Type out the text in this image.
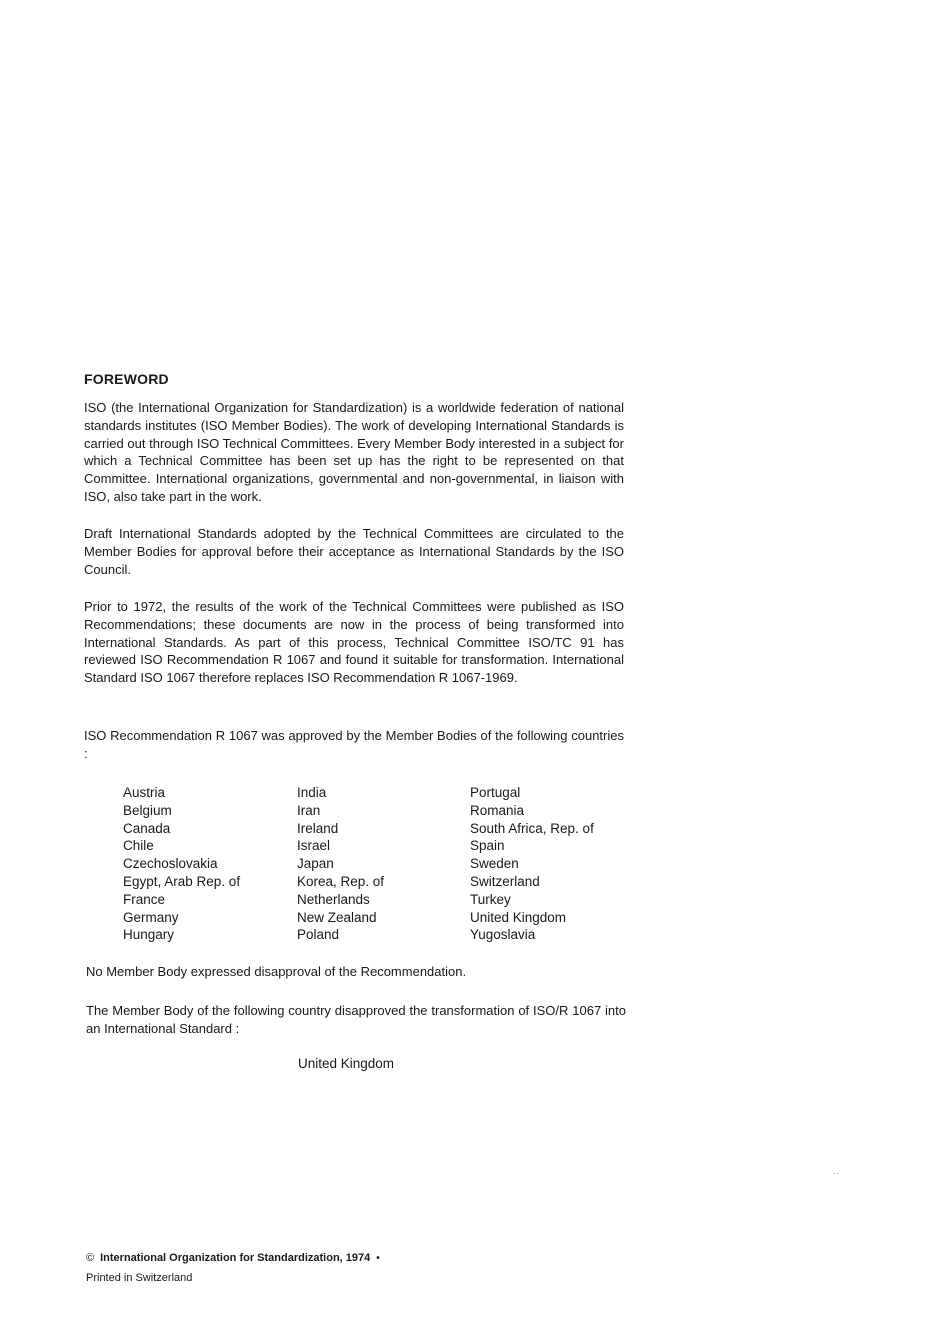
FOREWORD

ISO (the International Organization for Standardization) is a worldwide federation of national standards institutes (ISO Member Bodies). The work of developing International Standards is carried out through ISO Technical Committees. Every Member Body interested in a subject for which a Technical Committee has been set up has the right to be represented on that Committee. International organizations, governmental and non-governmental, in liaison with ISO, also take part in the work.

Draft International Standards adopted by the Technical Committees are circulated to the Member Bodies for approval before their acceptance as International Standards by the ISO Council.

Prior to 1972, the results of the work of the Technical Committees were published as ISO Recommendations; these documents are now in the process of being transformed into International Standards. As part of this process, Technical Committee ISO/TC 91 has reviewed ISO Recommendation R 1067 and found it suitable for transformation. International Standard ISO 1067 therefore replaces ISO Recommendation R 1067-1969.

ISO Recommendation R 1067 was approved by the Member Bodies of the following countries :

Austria
Belgium
Canada
Chile
Czechoslovakia
Egypt, Arab Rep. of
France
Germany
Hungary
India
Iran
Ireland
Israel
Japan
Korea, Rep. of
Netherlands
New Zealand
Poland
Portugal
Romania
South Africa, Rep. of
Spain
Sweden
Switzerland
Turkey
United Kingdom
Yugoslavia

No Member Body expressed disapproval of the Recommendation.

The Member Body of the following country disapproved the transformation of ISO/R 1067 into an International Standard :

United Kingdom
© International Organization for Standardization, 1974 •
Printed in Switzerland
··
